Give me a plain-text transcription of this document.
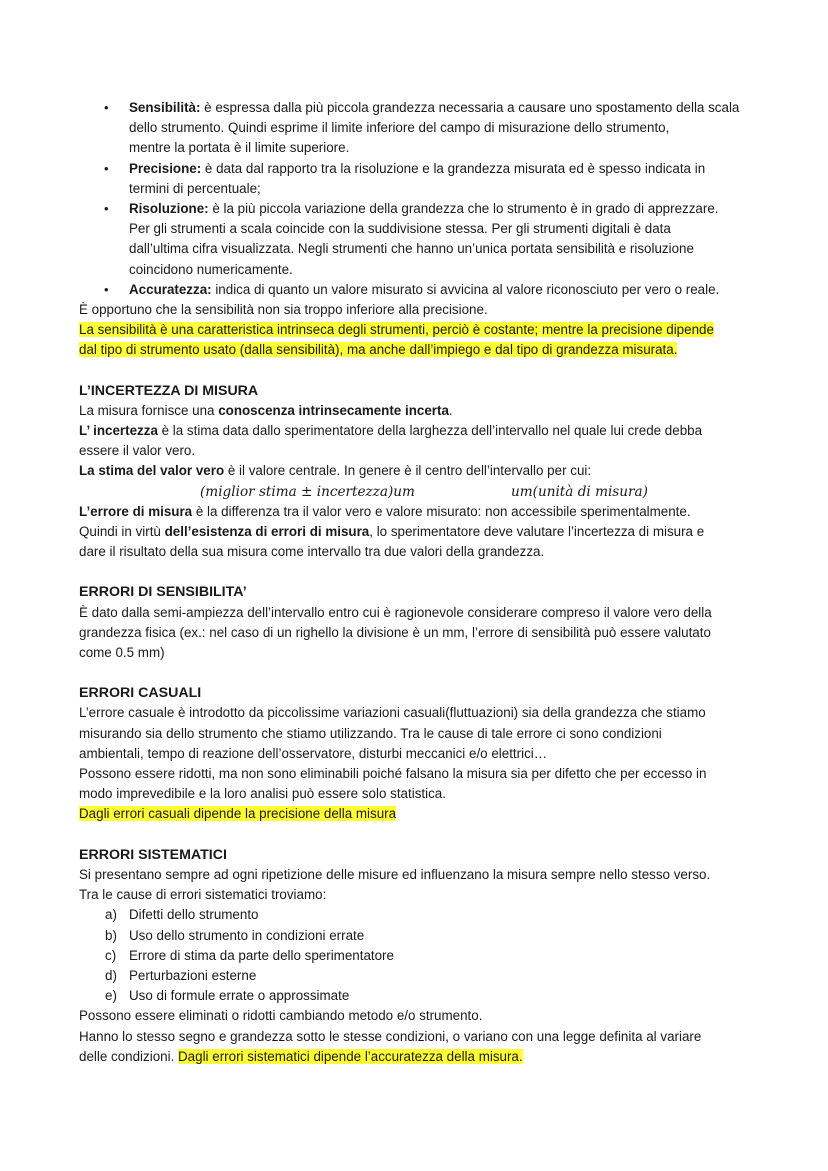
• Sensibilità: è espressa dalla più piccola grandezza necessaria a causare uno spostamento della scala

dello strumento. Quindi esprime il limite inferiore del campo di misurazione dello strumento,

mentre la portata è il limite superiore.

• Precisione: è data dal rapporto tra la risoluzione e la grandezza misurata ed è spesso indicata in

termini di percentuale;

• Risoluzione: è la più piccola variazione della grandezza che lo strumento è in grado di apprezzare.

Per gli strumenti a scala coincide con la suddivisione stessa. Per gli strumenti digitali è data

dall’ultima cifra visualizzata. Negli strumenti che hanno un’unica portata sensibilità e risoluzione

coincidono numericamente.

• Accuratezza: indica di quanto un valore misurato si avvicina al valore riconosciuto per vero o reale.

È opportuno che la sensibilità non sia troppo inferiore alla precisione.

La sensibilità è una caratteristica intrinseca degli strumenti, perciò è costante; mentre la precisione dipende

dal tipo di strumento usato (dalla sensibilità), ma anche dall’impiego e dal tipo di grandezza misurata.

L’INCERTEZZA DI MISURA

La misura fornisce una conoscenza intrinsecamente incerta.

L’ incertezza è la stima data dallo sperimentatore della larghezza dell’intervallo nel quale lui crede debba

essere il valor vero.

La stima del valor vero è il valore centrale. In genere è il centro dell’intervallo per cui:

(miglior stima ± incertezza)um	um(unità di misura)

L’errore di misura è la differenza tra il valor vero e valore misurato: non accessibile sperimentalmente.

Quindi in virtù dell’esistenza di errori di misura, lo sperimentatore deve valutare l’incertezza di misura e

dare il risultato della sua misura come intervallo tra due valori della grandezza.

ERRORI DI SENSIBILITA’

È dato dalla semi-ampiezza dell’intervallo entro cui è ragionevole considerare compreso il valore vero della

grandezza fisica (ex.: nel caso di un righello la divisione è un mm, l’errore di sensibilità può essere valutato

come 0.5 mm)

ERRORI CASUALI

L’errore casuale è introdotto da piccolissime variazioni casuali(fluttuazioni) sia della grandezza che stiamo

misurando sia dello strumento che stiamo utilizzando. Tra le cause di tale errore ci sono condizioni

ambientali, tempo di reazione dell’osservatore, disturbi meccanici e/o elettrici…

Possono essere ridotti, ma non sono eliminabili poiché falsano la misura sia per difetto che per eccesso in

modo imprevedibile e la loro analisi può essere solo statistica.

Dagli errori casuali dipende la precisione della misura

ERRORI SISTEMATICI

Si presentano sempre ad ogni ripetizione delle misure ed influenzano la misura sempre nello stesso verso.

Tra le cause di errori sistematici troviamo:

a) Difetti dello strumento

b) Uso dello strumento in condizioni errate

c) Errore di stima da parte dello sperimentatore

d) Perturbazioni esterne

e) Uso di formule errate o approssimate

Possono essere eliminati o ridotti cambiando metodo e/o strumento.

Hanno lo stesso segno e grandezza sotto le stesse condizioni, o variano con una legge definita al variare

delle condizioni. Dagli errori sistematici dipende l’accuratezza della misura.
